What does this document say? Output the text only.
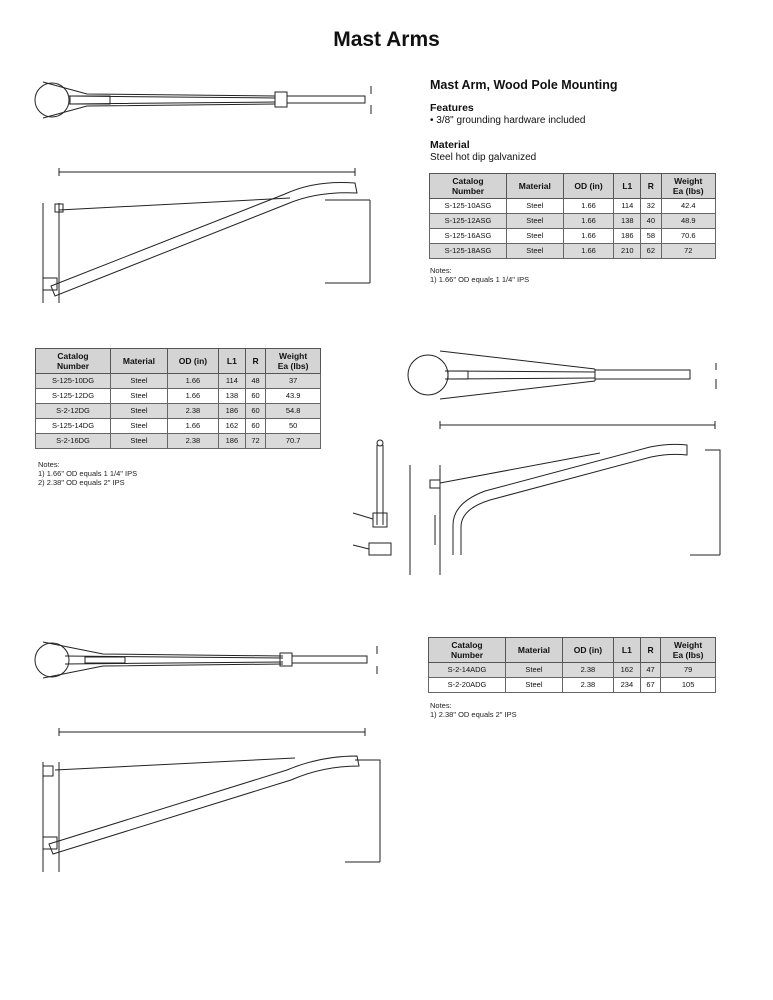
Mast Arms
Mast Arm, Wood Pole Mounting
Features
• 3/8" grounding hardware included
Material
Steel hot dip galvanized
Catalog
Number	Material	OD (in)	L1	R	Weight
Ea (lbs)
S-125-10ASG	Steel	1.66	114	32	42.4
S-125-12ASG	Steel	1.66	138	40	48.9
S-125-16ASG	Steel	1.66	186	58	70.6
S-125-18ASG	Steel	1.66	210	62	72
Notes:
1) 1.66" OD equals 1 1/4" IPS
Catalog
Number	Material	OD (in)	L1	R	Weight
Ea (lbs)
S-125-10DG	Steel	1.66	114	48	37
S-125-12DG	Steel	1.66	138	60	43.9
S-2-12DG	Steel	2.38	186	60	54.8
S-125-14DG	Steel	1.66	162	60	50
S-2-16DG	Steel	2.38	186	72	70.7
Notes:
1) 1.66" OD equals 1 1/4" IPS
2) 2.38" OD equals 2" IPS
Catalog
Number	Material	OD (in)	L1	R	Weight
Ea (lbs)
S-2-14ADG	Steel	2.38	162	47	79
S-2-20ADG	Steel	2.38	234	67	105
Notes:
1) 2.38" OD equals 2" IPS
